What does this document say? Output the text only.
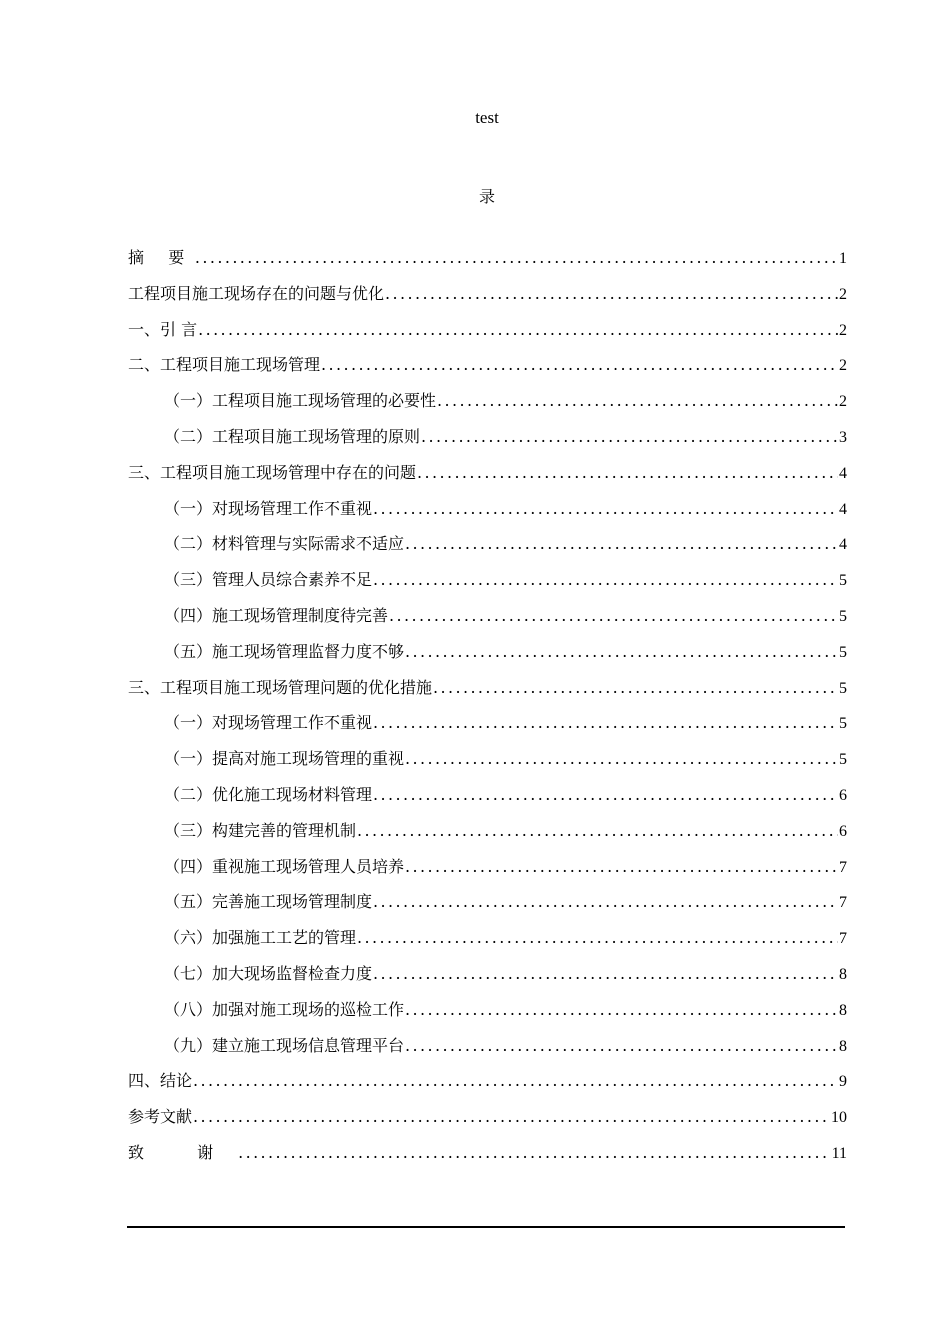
test
录
摘 要 .....	1
工程项目施工现场存在的问题与优化 .....	2
一、引 言 .....	2
二、工程项目施工现场管理 .....	2
（一）工程项目施工现场管理的必要性 .....	2
（二）工程项目施工现场管理的原则 .....	3
三、工程项目施工现场管理中存在的问题 .....	4
（一）对现场管理工作不重视 .....	4
（二）材料管理与实际需求不适应 .....	4
（三）管理人员综合素养不足 .....	5
（四）施工现场管理制度待完善 .....	5
（五）施工现场管理监督力度不够 .....	5
三、工程项目施工现场管理问题的优化措施 .....	5
（一）对现场管理工作不重视 .....	5
（一）提高对施工现场管理的重视 .....	5
（二）优化施工现场材料管理 .....	6
（三）构建完善的管理机制 .....	6
（四）重视施工现场管理人员培养 .....	7
（五）完善施工现场管理制度 .....	7
（六）加强施工工艺的管理 .....	7
（七）加大现场监督检查力度 .....	8
（八）加强对施工现场的巡检工作 .....	8
（九）建立施工现场信息管理平台 .....	8
四、结论 .....	9
参考文献 .....	10
致 谢 .....	11
